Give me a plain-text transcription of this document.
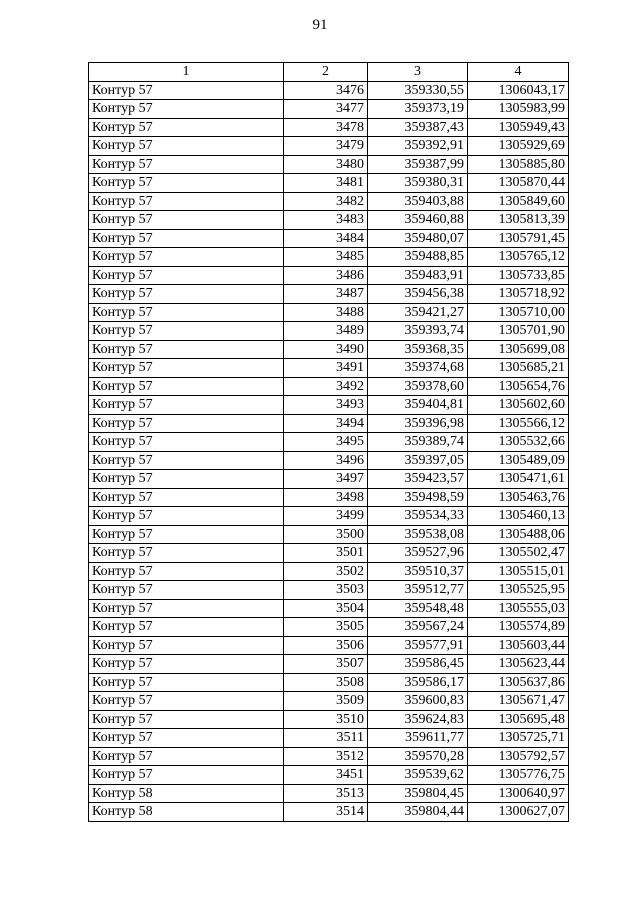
91
1	2	3	4
Контур 57	3476	359330,55	1306043,17
Контур 57	3477	359373,19	1305983,99
Контур 57	3478	359387,43	1305949,43
Контур 57	3479	359392,91	1305929,69
Контур 57	3480	359387,99	1305885,80
Контур 57	3481	359380,31	1305870,44
Контур 57	3482	359403,88	1305849,60
Контур 57	3483	359460,88	1305813,39
Контур 57	3484	359480,07	1305791,45
Контур 57	3485	359488,85	1305765,12
Контур 57	3486	359483,91	1305733,85
Контур 57	3487	359456,38	1305718,92
Контур 57	3488	359421,27	1305710,00
Контур 57	3489	359393,74	1305701,90
Контур 57	3490	359368,35	1305699,08
Контур 57	3491	359374,68	1305685,21
Контур 57	3492	359378,60	1305654,76
Контур 57	3493	359404,81	1305602,60
Контур 57	3494	359396,98	1305566,12
Контур 57	3495	359389,74	1305532,66
Контур 57	3496	359397,05	1305489,09
Контур 57	3497	359423,57	1305471,61
Контур 57	3498	359498,59	1305463,76
Контур 57	3499	359534,33	1305460,13
Контур 57	3500	359538,08	1305488,06
Контур 57	3501	359527,96	1305502,47
Контур 57	3502	359510,37	1305515,01
Контур 57	3503	359512,77	1305525,95
Контур 57	3504	359548,48	1305555,03
Контур 57	3505	359567,24	1305574,89
Контур 57	3506	359577,91	1305603,44
Контур 57	3507	359586,45	1305623,44
Контур 57	3508	359586,17	1305637,86
Контур 57	3509	359600,83	1305671,47
Контур 57	3510	359624,83	1305695,48
Контур 57	3511	359611,77	1305725,71
Контур 57	3512	359570,28	1305792,57
Контур 57	3451	359539,62	1305776,75
Контур 58	3513	359804,45	1300640,97
Контур 58	3514	359804,44	1300627,07
